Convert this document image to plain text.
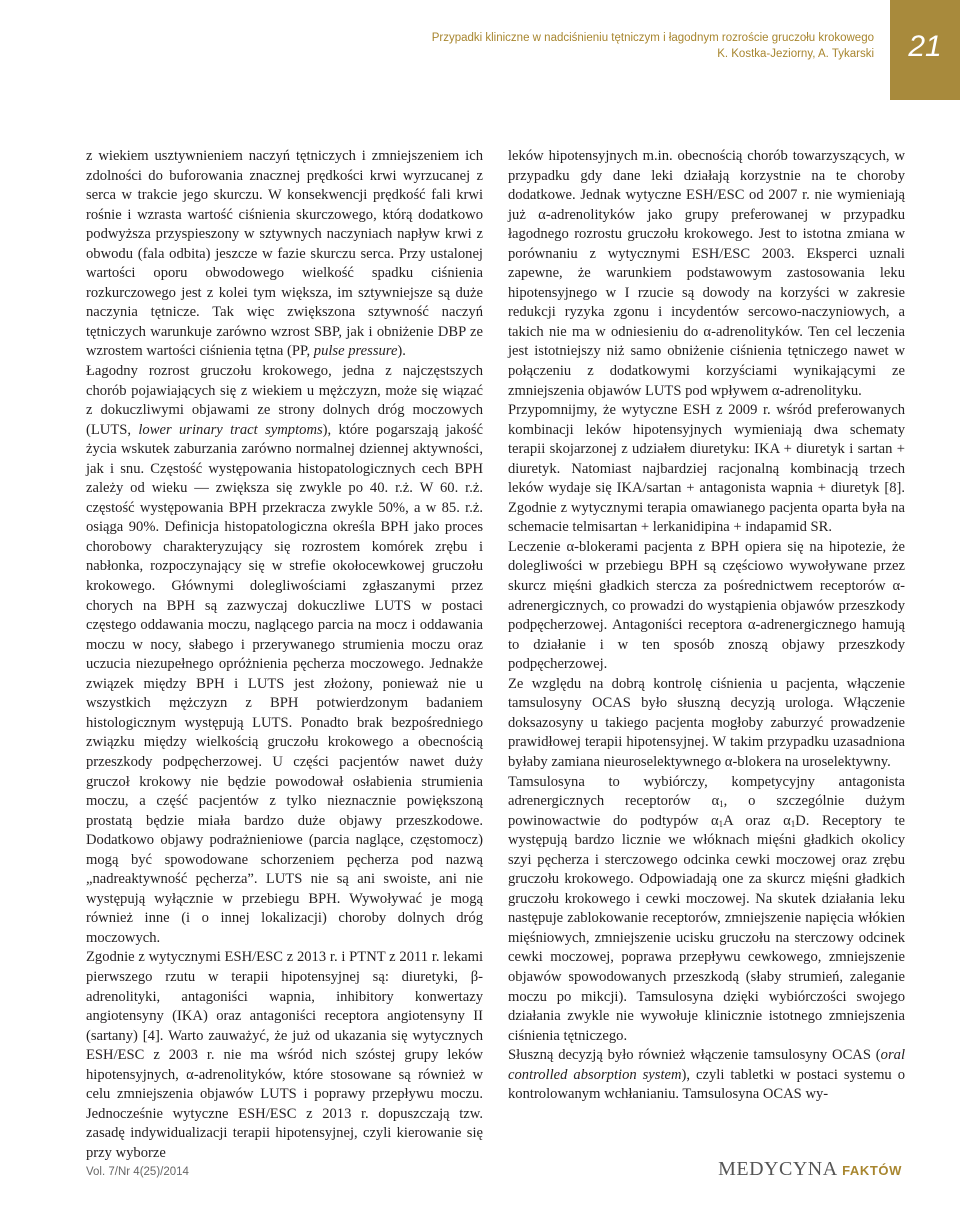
Przypadki kliniczne w nadciśnieniu tętniczym i łagodnym rozroście gruczołu krokowego
K. Kostka-Jeziorny, A. Tykarski	21

z wiekiem usztywnieniem naczyń tętniczych i zmniejszeniem ich zdolności do buforowania znacznej prędkości krwi wyrzucanej z serca w trakcie jego skurczu. W konsekwencji prędkość fali krwi rośnie i wzrasta wartość ciśnienia skurczowego, którą dodatkowo podwyższa przyspieszony w sztywnych naczyniach napływ krwi z obwodu (fala odbita) jeszcze w fazie skurczu serca. Przy ustalonej wartości oporu obwodowego wielkość spadku ciśnienia rozkurczowego jest z kolei tym większa, im sztywniejsze są duże naczynia tętnicze. Tak więc zwiększona sztywność naczyń tętniczych warunkuje zarówno wzrost SBP, jak i obniżenie DBP ze wzrostem wartości ciśnienia tętna (PP, pulse pressure).

Łagodny rozrost gruczołu krokowego, jedna z najczęstszych chorób pojawiających się z wiekiem u mężczyzn, może się wiązać z dokuczliwymi objawami ze strony dolnych dróg moczowych (LUTS, lower urinary tract symptoms), które pogarszają jakość życia wskutek zaburzania zarówno normalnej dziennej aktywności, jak i snu. Częstość występowania histopatologicznych cech BPH zależy od wieku — zwiększa się zwykle po 40. r.ż. W 60. r.ż. częstość występowania BPH przekracza zwykle 50%, a w 85. r.ż. osiąga 90%. Definicja histopatologiczna określa BPH jako proces chorobowy charakteryzujący się rozrostem komórek zrębu i nabłonka, rozpoczynający się w strefie okołocewkowej gruczołu krokowego. Głównymi dolegliwościami zgłaszanymi przez chorych na BPH są zazwyczaj dokuczliwe LUTS w postaci częstego oddawania moczu, naglącego parcia na mocz i oddawania moczu w nocy, słabego i przerywanego strumienia moczu oraz uczucia niezupełnego opróżnienia pęcherza moczowego. Jednakże związek między BPH i LUTS jest złożony, ponieważ nie u wszystkich mężczyzn z BPH potwierdzonym badaniem histologicznym występują LUTS. Ponadto brak bezpośredniego związku między wielkością gruczołu krokowego a obecnością przeszkody podpęcherzowej. U części pacjentów nawet duży gruczoł krokowy nie będzie powodował osłabienia strumienia moczu, a część pacjentów z tylko nieznacznie powiększoną prostatą będzie miała bardzo duże objawy przeszkodowe. Dodatkowo objawy podrażnieniowe (parcia naglące, częstomocz) mogą być spowodowane schorzeniem pęcherza pod nazwą „nadreaktywność pęcherza”. LUTS nie są ani swoiste, ani nie występują wyłącznie w przebiegu BPH. Wywoływać je mogą również inne (i o innej lokalizacji) choroby dolnych dróg moczowych.

Zgodnie z wytycznymi ESH/ESC z 2013 r. i PTNT z 2011 r. lekami pierwszego rzutu w terapii hipotensyjnej są: diuretyki, β-adrenolityki, antagoniści wapnia, inhibitory konwertazy angiotensyny (IKA) oraz antagoniści receptora angiotensyny II (sartany) [4]. Warto zauważyć, że już od ukazania się wytycznych ESH/ESC z 2003 r. nie ma wśród nich szóstej grupy leków hipotensyjnych, α-adrenolityków, które stosowane są również w celu zmniejszenia objawów LUTS i poprawy przepływu moczu. Jednocześnie wytyczne ESH/ESC z 2013 r. dopuszczają tzw. zasadę indywidualizacji terapii hipotensyjnej, czyli kierowanie się przy wyborze

leków hipotensyjnych m.in. obecnością chorób towarzyszących, w przypadku gdy dane leki działają korzystnie na te choroby dodatkowe. Jednak wytyczne ESH/ESC od 2007 r. nie wymieniają już α-adrenolityków jako grupy preferowanej w przypadku łagodnego rozrostu gruczołu krokowego. Jest to istotna zmiana w porównaniu z wytycznymi ESH/ESC 2003. Eksperci uznali zapewne, że warunkiem podstawowym zastosowania leku hipotensyjnego w I rzucie są dowody na korzyści w zakresie redukcji ryzyka zgonu i incydentów sercowo-naczyniowych, a takich nie ma w odniesieniu do α-adrenolityków. Ten cel leczenia jest istotniejszy niż samo obniżenie ciśnienia tętniczego nawet w połączeniu z dodatkowymi korzyściami wynikającymi ze zmniejszenia objawów LUTS pod wpływem α-adrenolityku.

Przypomnijmy, że wytyczne ESH z 2009 r. wśród preferowanych kombinacji leków hipotensyjnych wymieniają dwa schematy terapii skojarzonej z udziałem diuretyku: IKA + diuretyk i sartan + diuretyk. Natomiast najbardziej racjonalną kombinacją trzech leków wydaje się IKA/sartan + antagonista wapnia + diuretyk [8]. Zgodnie z wytycznymi terapia omawianego pacjenta oparta była na schemacie telmisartan + lerkanidipina + indapamid SR.

Leczenie α-blokerami pacjenta z BPH opiera się na hipotezie, że dolegliwości w przebiegu BPH są częściowo wywoływane przez skurcz mięśni gładkich stercza za pośrednictwem receptorów α-adrenergicznych, co prowadzi do wystąpienia objawów przeszkody podpęcherzowej. Antagoniści receptora α-adrenergicznego hamują to działanie i w ten sposób znoszą objawy przeszkody podpęcherzowej.

Ze względu na dobrą kontrolę ciśnienia u pacjenta, włączenie tamsulosyny OCAS było słuszną decyzją urologa. Włączenie doksazosyny u takiego pacjenta mogłoby zaburzyć prowadzenie prawidłowej terapii hipotensyjnej. W takim przypadku uzasadniona byłaby zamiana nieuroselektywnego α-blokera na uroselektywny.

Tamsulosyna to wybiórczy, kompetycyjny antagonista adrenergicznych receptorów $\alpha_1$, o szczególnie dużym powinowactwie do podtypów $\alpha_1A$ oraz $\alpha_1D$. Receptory te występują bardzo licznie we włóknach mięśni gładkich okolicy szyi pęcherza i sterczowego odcinka cewki moczowej oraz zrębu gruczołu krokowego. Odpowiadają one za skurcz mięśni gładkich gruczołu krokowego i cewki moczowej. Na skutek działania leku następuje zablokowanie receptorów, zmniejszenie napięcia włókien mięśniowych, zmniejszenie ucisku gruczołu na sterczowy odcinek cewki moczowej, poprawa przepływu cewkowego, zmniejszenie objawów spowodowanych przeszkodą (słaby strumień, zaleganie moczu po mikcji). Tamsulosyna dzięki wybiórczości swojego działania zwykle nie wywołuje klinicznie istotnego zmniejszenia ciśnienia tętniczego.

Słuszną decyzją było również włączenie tamsulosyny OCAS (oral controlled absorption system), czyli tabletki w postaci systemu o kontrolowanym wchłanianiu. Tamsulosyna OCAS wy-

Vol. 7/Nr 4(25)/2014	MEDYCYNA FAKTÓW
